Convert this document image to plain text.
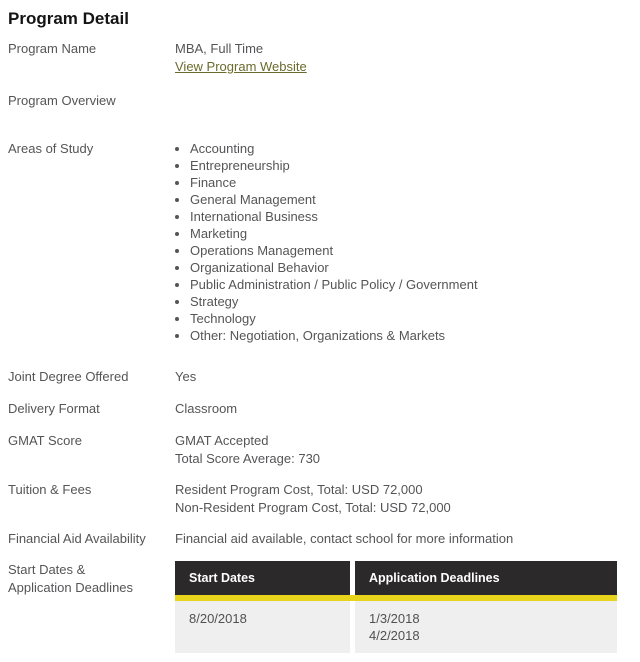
Program Detail
Program Name	MBA, Full Time
View Program Website
Program Overview
Areas of Study	• Accounting
• Entrepreneurship
• Finance
• General Management
• International Business
• Marketing
• Operations Management
• Organizational Behavior
• Public Administration / Public Policy / Government
• Strategy
• Technology
• Other: Negotiation, Organizations & Markets
Joint Degree Offered	Yes
Delivery Format	Classroom
GMAT Score	GMAT Accepted
Total Score Average: 730
Tuition & Fees	Resident Program Cost, Total: USD 72,000
Non-Resident Program Cost, Total: USD 72,000
Financial Aid Availability	Financial aid available, contact school for more information
Start Dates &
Application Deadlines
Start Dates	Application Deadlines
8/20/2018	1/3/2018
4/2/2018
